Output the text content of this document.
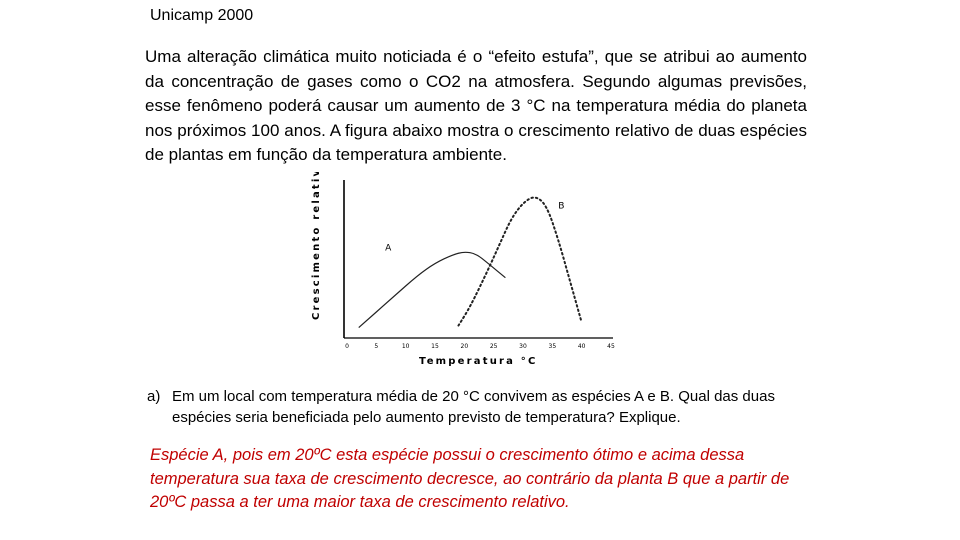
Unicamp 2000
Uma alteração climática muito noticiada é o “efeito estufa”, que se atribui ao aumento da concentração de gases como o CO2 na atmosfera. Segundo algumas previsões, esse fenômeno poderá causar um aumento de 3 °C na temperatura média do planeta nos próximos 100 anos. A figura abaixo mostra o crescimento relativo de duas espécies de plantas em função da temperatura ambiente.
0	5	10	15	20	25	30	35	40	45
A
B
Crescimento relativo
Temperatura °C
a) Em um local com temperatura média de 20 °C convivem as espécies A e B. Qual das duas espécies seria beneficiada pelo aumento previsto de temperatura? Explique.
Espécie A, pois em 20ºC esta espécie possui o crescimento ótimo e acima dessa temperatura sua taxa de crescimento decresce, ao contrário da planta B que a partir de 20ºC passa a ter uma maior taxa de crescimento relativo.
